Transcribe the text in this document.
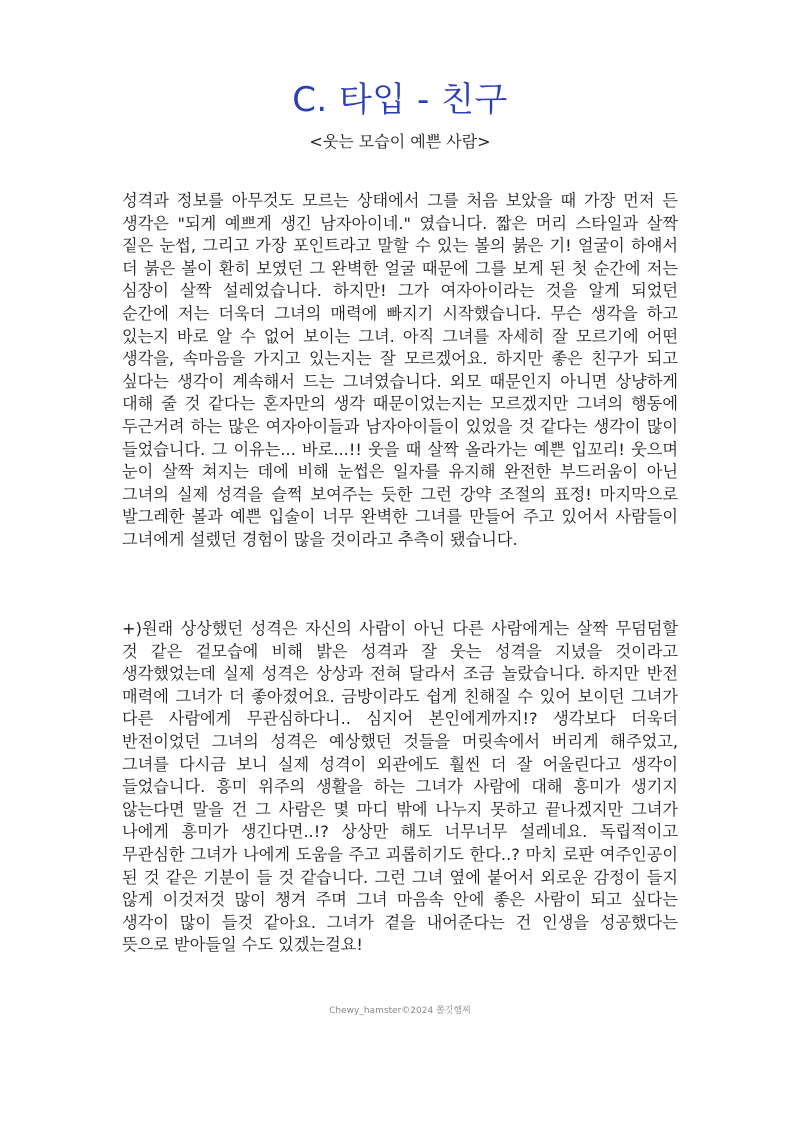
C. 타입 - 친구

<웃는 모습이 예쁜 사람>

성격과 정보를 아무것도 모르는 상태에서 그를 처음 보았을 때 가장 먼저 든 생각은 "되게 예쁘게 생긴 남자아이네." 였습니다. 짧은 머리 스타일과 살짝 짙은 눈썹, 그리고 가장 포인트라고 말할 수 있는 볼의 붉은 기! 얼굴이 하얘서 더 붉은 볼이 환히 보였던 그 완벽한 얼굴 때문에 그를 보게 된 첫 순간에 저는 심장이 살짝 설레었습니다. 하지만! 그가 여자아이라는 것을 알게 되었던 순간에 저는 더욱더 그녀의 매력에 빠지기 시작했습니다. 무슨 생각을 하고 있는지 바로 알 수 없어 보이는 그녀. 아직 그녀를 자세히 잘 모르기에 어떤 생각을, 속마음을 가지고 있는지는 잘 모르겠어요. 하지만 좋은 친구가 되고 싶다는 생각이 계속해서 드는 그녀였습니다. 외모 때문인지 아니면 상냥하게 대해 줄 것 같다는 혼자만의 생각 때문이었는지는 모르겠지만 그녀의 행동에 두근거려 하는 많은 여자아이들과 남자아이들이 있었을 것 같다는 생각이 많이 들었습니다. 그 이유는... 바로...!! 웃을 때 살짝 올라가는 예쁜 입꼬리! 웃으며 눈이 살짝 쳐지는 데에 비해 눈썹은 일자를 유지해 완전한 부드러움이 아닌 그녀의 실제 성격을 슬쩍 보여주는 듯한 그런 강약 조절의 표정! 마지막으로 발그레한 볼과 예쁜 입술이 너무 완벽한 그녀를 만들어 주고 있어서 사람들이 그녀에게 설렜던 경험이 많을 것이라고 추측이 됐습니다.

+)원래 상상했던 성격은 자신의 사람이 아닌 다른 사람에게는 살짝 무덤덤할 것 같은 겉모습에 비해 밝은 성격과 잘 웃는 성격을 지녔을 것이라고 생각했었는데 실제 성격은 상상과 전혀 달라서 조금 놀랐습니다. 하지만 반전 매력에 그녀가 더 좋아졌어요. 금방이라도 쉽게 친해질 수 있어 보이던 그녀가 다른 사람에게 무관심하다니.. 심지어 본인에게까지!? 생각보다 더욱더 반전이었던 그녀의 성격은 예상했던 것들을 머릿속에서 버리게 해주었고, 그녀를 다시금 보니 실제 성격이 외관에도 훨씬 더 잘 어울린다고 생각이 들었습니다. 흥미 위주의 생활을 하는 그녀가 사람에 대해 흥미가 생기지 않는다면 말을 건 그 사람은 몇 마디 밖에 나누지 못하고 끝나겠지만 그녀가 나에게 흥미가 생긴다면..!? 상상만 해도 너무너무 설레네요. 독립적이고 무관심한 그녀가 나에게 도움을 주고 괴롭히기도 한다..? 마치 로판 여주인공이 된 것 같은 기분이 들 것 같습니다. 그런 그녀 옆에 붙어서 외로운 감정이 들지 않게 이것저것 많이 챙겨 주며 그녀 마음속 안에 좋은 사람이 되고 싶다는 생각이 많이 들것 같아요. 그녀가 곁을 내어준다는 건 인생을 성공했다는 뜻으로 받아들일 수도 있겠는걸요!

Chewy_hamster©2024 쫄깃햄찌
